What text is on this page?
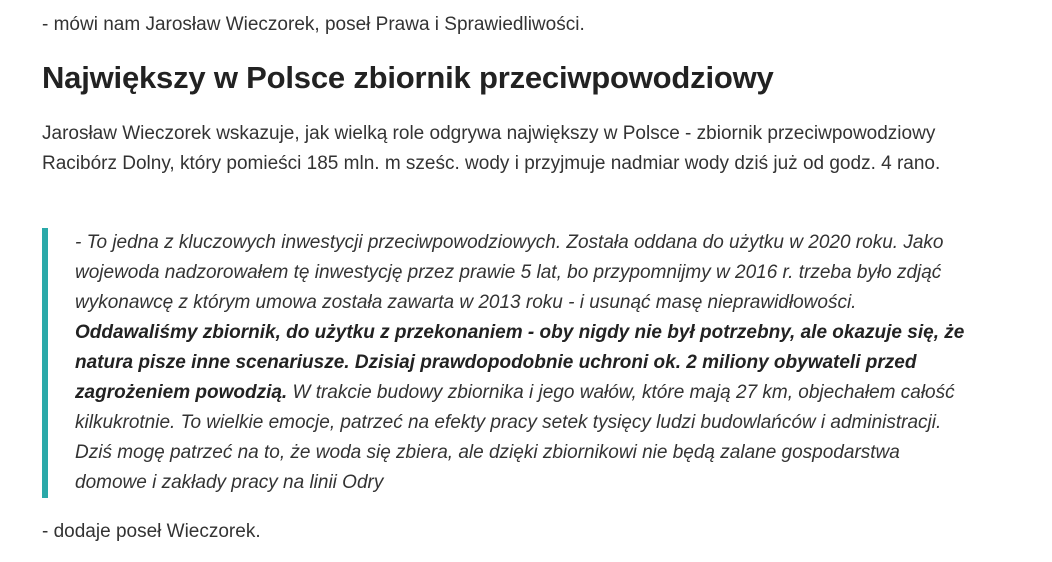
- mówi nam Jarosław Wieczorek, poseł Prawa i Sprawiedliwości.

Największy w Polsce zbiornik przeciwpowodziowy

Jarosław Wieczorek wskazuje, jak wielką role odgrywa największy w Polsce - zbiornik przeciwpowodziowy Racibórz Dolny, który pomieści 185 mln. m sześc. wody i przyjmuje nadmiar wody dziś już od godz. 4 rano.

- To jedna z kluczowych inwestycji przeciwpowodziowych. Została oddana do użytku w 2020 roku. Jako wojewoda nadzorowałem tę inwestycję przez prawie 5 lat, bo przypomnijmy w 2016 r. trzeba było zdjąć wykonawcę z którym umowa została zawarta w 2013 roku - i usunąć masę nieprawidłowości. Oddawaliśmy zbiornik, do użytku z przekonaniem - oby nigdy nie był potrzebny, ale okazuje się, że natura pisze inne scenariusze. Dzisiaj prawdopodobnie uchroni ok. 2 miliony obywateli przed zagrożeniem powodzią. W trakcie budowy zbiornika i jego wałów, które mają 27 km, objechałem całość kilkukrotnie. To wielkie emocje, patrzeć na efekty pracy setek tysięcy ludzi budowlańców i administracji. Dziś mogę patrzeć na to, że woda się zbiera, ale dzięki zbiornikowi nie będą zalane gospodarstwa domowe i zakłady pracy na linii Odry

- dodaje poseł Wieczorek.
